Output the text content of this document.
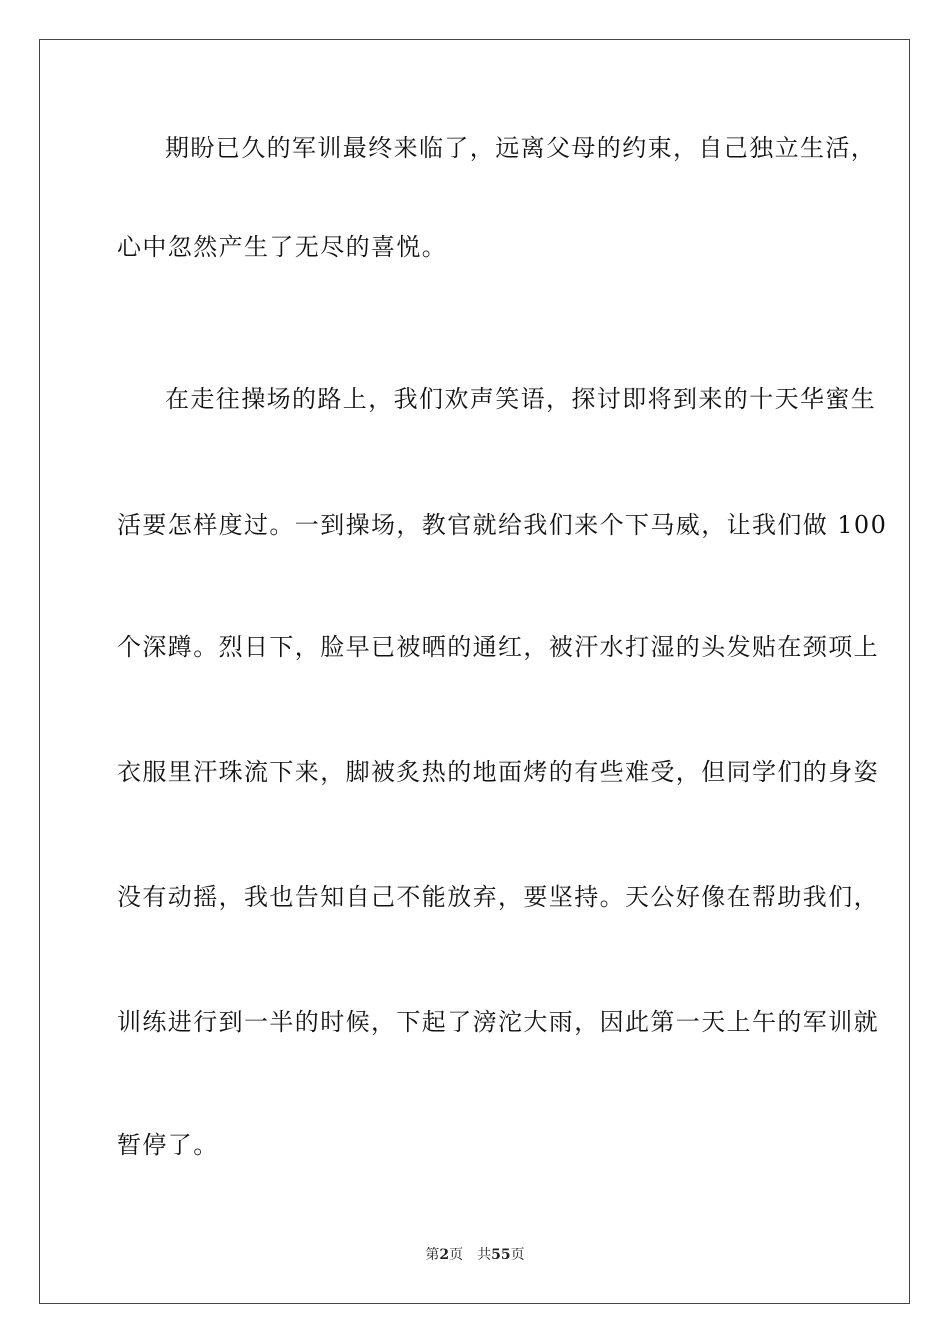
期盼已久的军训最终来临了，远离父母的约束，自己独立生活，
心中忽然产生了无尽的喜悦。
在走往操场的路上，我们欢声笑语，探讨即将到来的十天华蜜生
活要怎样度过。一到操场，教官就给我们来个下马威，让我们做 100
个深蹲。烈日下，脸早已被晒的通红，被汗水打湿的头发贴在颈项上
衣服里汗珠流下来，脚被炙热的地面烤的有些难受，但同学们的身姿
没有动摇，我也告知自己不能放弃，要坚持。天公好像在帮助我们，
训练进行到一半的时候，下起了滂沱大雨，因此第一天上午的军训就
暂停了。
第2页 共55页
